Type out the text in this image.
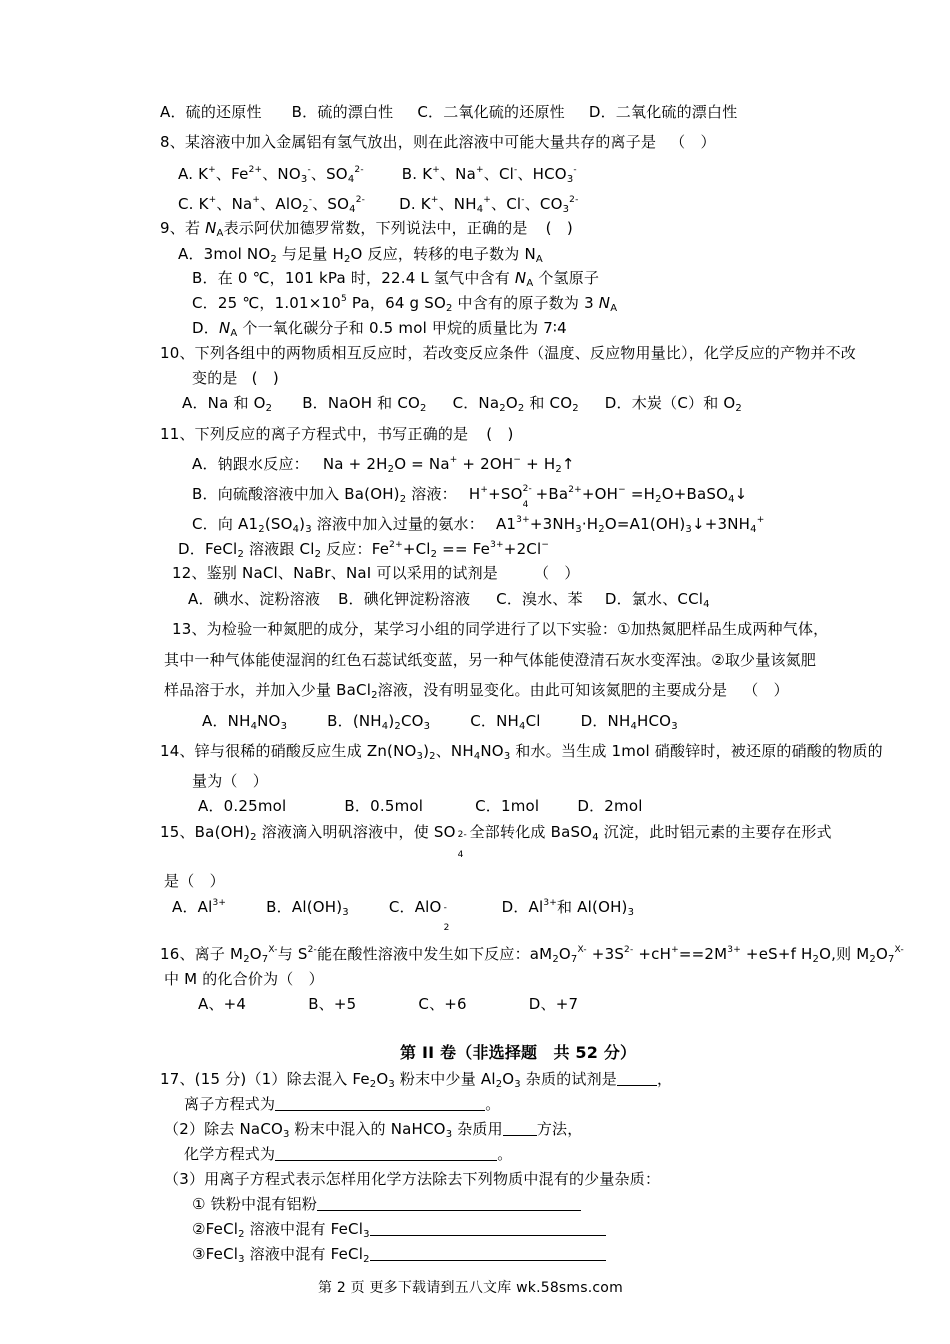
A．硫的还原性 B．硫的漂白性 C．二氧化硫的还原性 D．二氧化硫的漂白性
8、某溶液中加入金属铝有氢气放出，则在此溶液中可能大量共存的离子是 （　）
A. K+、$Fe^{2+}$、$NO_3^-$、$SO_4^{2-}$	B. K+、Na+、Cl-、$HCO_3^-$
C. K+、Na+、AlO$_2$-、$SO_4^{2-}$ D. K+、$NH_4^+$、Cl-、$CO_3^{2-}$
9、若 $N_A$表示阿伏加德罗常数，下列说法中，正确的是 (　)
A．3mol $NO_2$ 与足量 $H_2O$ 反应，转移的电子数为 $N_A$
B．在 0 ℃，101 kPa 时，22.4 L 氢气中含有 $N_A$ 个氢原子
C．25 ℃，$1.01\times 10^5$ Pa，64 g $SO_2$ 中含有的原子数为 3 $N_A$
D．$N_A$ 个一氧化碳分子和 0.5 mol 甲烷的质量比为 7∶4
10、下列各组中的两物质相互反应时，若改变反应条件（温度、反应物用量比），化学反应的产物并不改
变的是 (　)
A．Na 和 $O_2$ B．NaOH 和 $CO_2$ C．$Na_2O_2$ 和 $CO_2$ D．木炭（C）和 $O_2$
11、下列反应的离子方程式中，书写正确的是 (　)
A．钠跟水反应： $Na + 2H_2O = Na^+ + 2OH^-$ + $H_2↑$
B．向硫酸溶液中加入 $Ba(OH)_2$ 溶液： H++SO 2-
4
$+Ba^{2+}+OH^-$ $=H_2O+BaSO_4↓$
C．向 $A1_2(SO_4)_3$ 溶液中加入过量的氨水： $A1^{3+}+3NH_3\cdot H_2O=A1(OH)_3↓+3NH_4^+$
D．FeCl$_2$ 溶液跟 $Cl_2$ 反应：$Fe^{2+}+Cl_2 == Fe^{3+}+2Cl^-$
12、鉴别 NaCl、NaBr、NaI 可以采用的试剂是 （　）
A．碘水、淀粉溶液 B．碘化钾淀粉溶液 C．溴水、苯 D．氯水、CCl$_4$
13、为检验一种氮肥的成分，某学习小组的同学进行了以下实验：①加热氮肥样品生成两种气体，
其中一种气体能使湿润的红色石蕊试纸变蓝，另一种气体能使澄清石灰水变浑浊。②取少量该氮肥
样品溶于水，并加入少量 BaCl$_2$溶液，没有明显变化。由此可知该氮肥的主要成分是 （　）
A．$NH_4NO_3$	B．$(NH_4)_2CO_3$	C．$NH_4Cl$	D．$NH_4HCO_3$
14、锌与很稀的硝酸反应生成 $Zn(NO_3)_2$、$NH_4NO_3$ 和水。当生成 1mol 硝酸锌时，被还原的硝酸的物质的
量为（　）
A．0.25mol	B．0.5mol	C．1mol	D．2mol
15、$Ba(OH)_2$ 溶液滴入明矾溶液中，使 SO 2-
4
全部转化成 BaSO$_4$ 沉淀，此时铝元素的主要存在形式
是（　）
A．$Al^{3+}$	B．$Al(OH)_3$	C．AlO -
2
D．$Al^{3+}$和 $Al(OH)_3$
16、离子 $M_2O_7^{X-}$与 $S^{2-}$能在酸性溶液中发生如下反应：$aM_2O_7^{X-} +3S^{2-} +cH^+==2M^{3+} +eS+f$ $H_2O$,则 $M_2O_7^{X-}$
中 M 的化合价为（　）
A、+4	B、+5	C、+6	D、+7
第 II 卷（非选择题　共 52 分）
17、(15 分)（1）除去混入 $Fe_2O_3$ 粉末中少量 $Al_2O_3$ 杂质的试剂是	，
离子方程式为	。
（2）除去 NaCO$_3$ 粉末中混入的 NaHCO$_3$ 杂质用 方法，
化学方程式为	。
（3）用离子方程式表示怎样用化学方法除去下列物质中混有的少量杂质：
① 铁粉中混有铝粉
②FeCl$_2$ 溶液中混有 FeCl$_3$
③FeCl$_3$ 溶液中混有 FeCl$_2$
第 2 页 更多下载请到五八文库 wk.58sms.com
